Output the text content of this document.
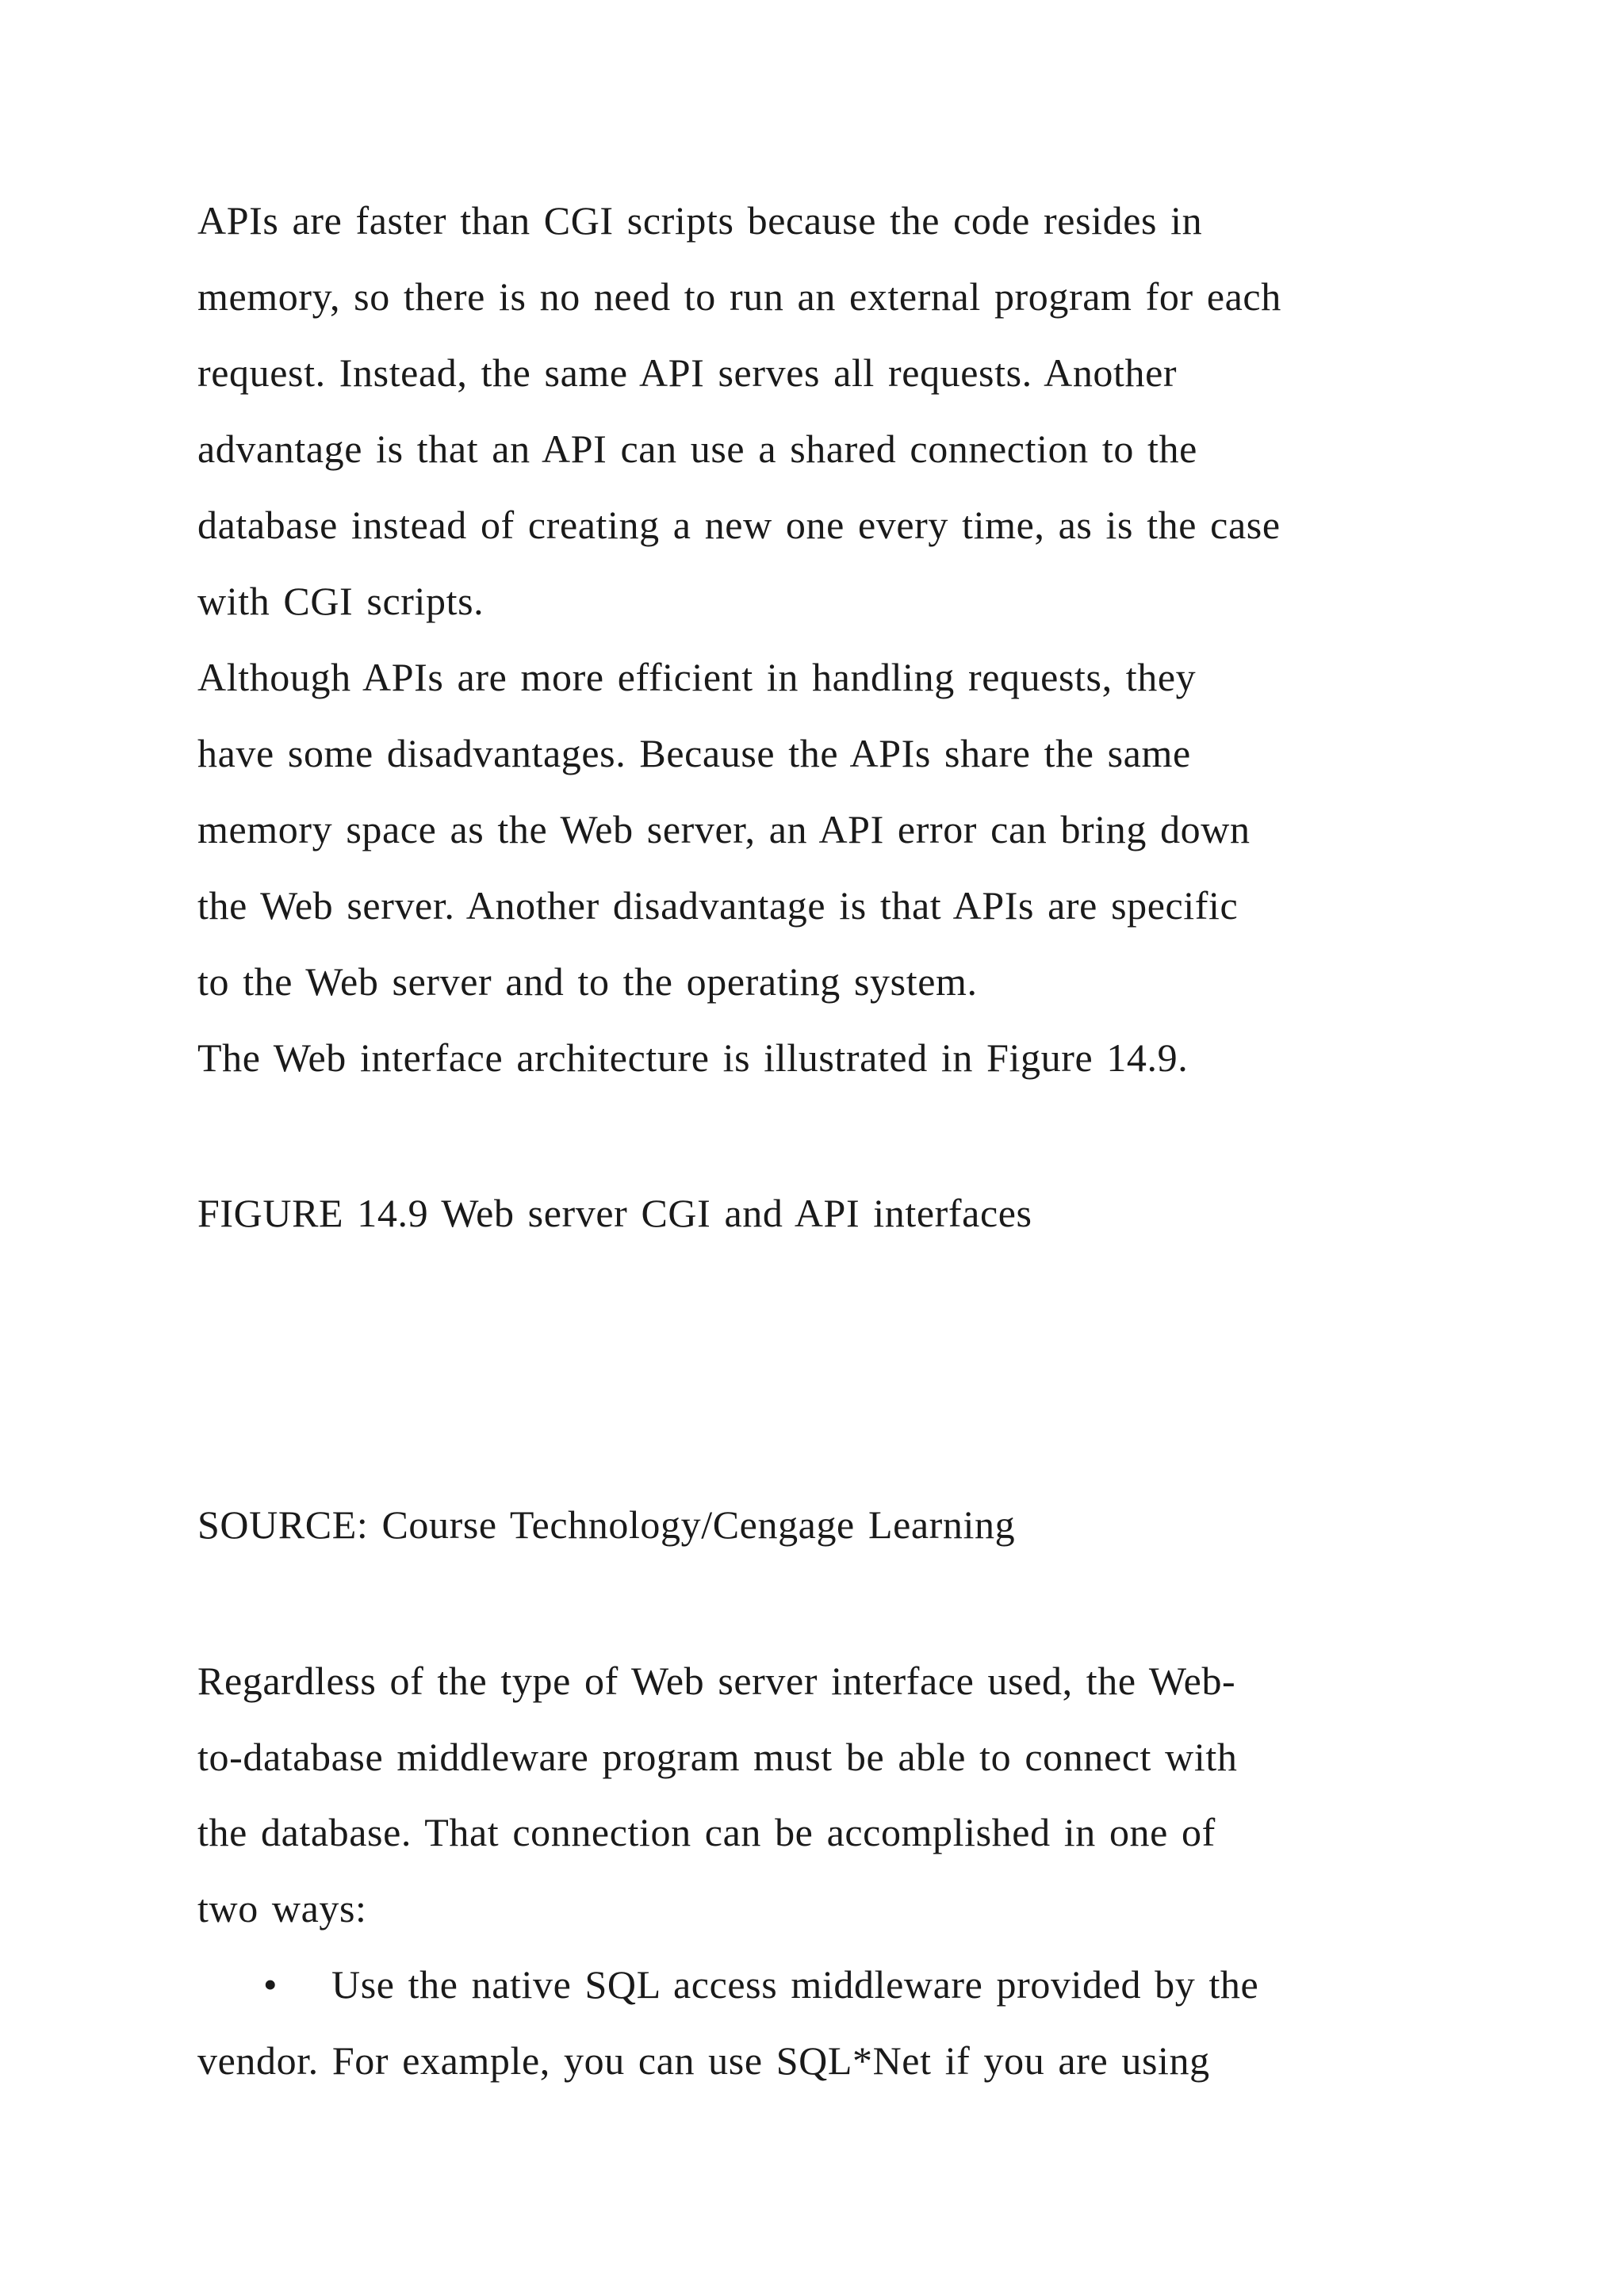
APIs are faster than CGI scripts because the code resides in
memory, so there is no need to run an external program for each
request. Instead, the same API serves all requests. Another
advantage is that an API can use a shared connection to the
database instead of creating a new one every time, as is the case
with CGI scripts.
Although APIs are more efficient in handling requests, they
have some disadvantages. Because the APIs share the same
memory space as the Web server, an API error can bring down
the Web server. Another disadvantage is that APIs are specific
to the Web server and to the operating system.
The Web interface architecture is illustrated in Figure 14.9.
FIGURE 14.9 Web server CGI and API interfaces
SOURCE: Course Technology/Cengage Learning
Regardless of the type of Web server interface used, the Web-
to-database middleware program must be able to connect with
the database. That connection can be accomplished in one of
two ways:
• Use the native SQL access middleware provided by the
vendor. For example, you can use SQL*Net if you are using
